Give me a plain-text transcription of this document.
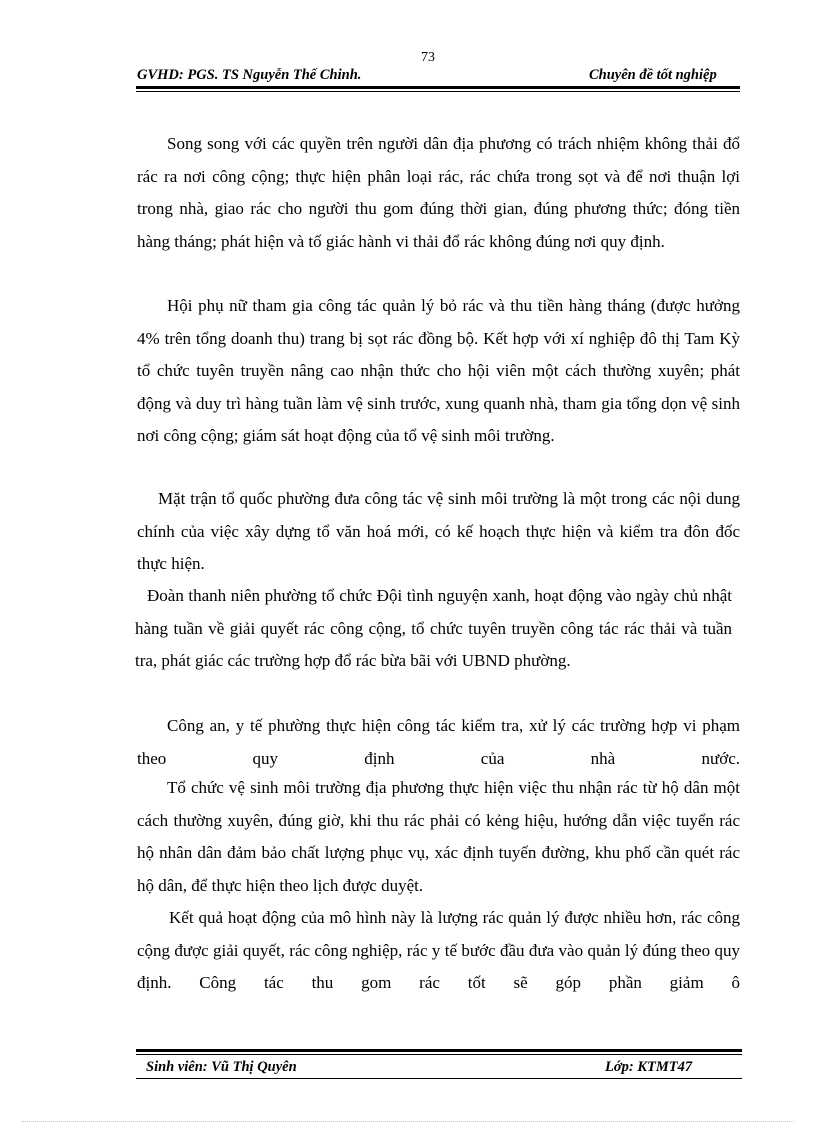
73
GVHD: PGS. TS Nguyễn Thế Chinh.	Chuyên đề tốt nghiệp
Song song với các quyền trên người dân địa phương có trách nhiệm không thải đổ rác ra nơi công cộng; thực hiện phân loại rác, rác chứa trong sọt và để nơi thuận lợi trong nhà, giao rác cho người thu gom đúng thời gian, đúng phương thức; đóng tiền hàng tháng; phát hiện và tố giác hành vi thải đổ rác không đúng nơi quy định.
Hội phụ nữ tham gia công tác quản lý bỏ rác và thu tiền hàng tháng (được hưởng 4% trên tổng doanh thu) trang bị sọt rác đồng bộ. Kết hợp với xí nghiệp đô thị Tam Kỳ tổ chức tuyên truyền nâng cao nhận thức cho hội viên một cách thường xuyên; phát động và duy trì hàng tuần làm vệ sinh trước, xung quanh nhà, tham gia tổng dọn vệ sinh nơi công cộng; giám sát hoạt động của tổ vệ sinh môi trường.
Mặt trận tổ quốc phường đưa công tác vệ sinh môi trường là một trong các nội dung chính của việc xây dựng tổ văn hoá mới, có kế hoạch thực hiện và kiểm tra đôn đốc thực hiện.
Đoàn thanh niên phường tổ chức Đội tình nguyện xanh, hoạt động vào ngày chủ nhật hàng tuần về giải quyết rác công cộng, tổ chức tuyên truyền công tác rác thải và tuần tra, phát giác các trường hợp đổ rác bừa bãi với UBND phường.
Công an, y tế phường thực hiện công tác kiểm tra, xử lý các trường hợp vi phạm theo quy định của nhà nước.
Tổ chức vệ sinh môi trường địa phương thực hiện việc thu nhận rác từ hộ dân một cách thường xuyên, đúng giờ, khi thu rác phải có kẻng hiệu, hướng dẫn việc tuyển rác hộ nhân dân đảm bảo chất lượng phục vụ, xác định tuyến đường, khu phố cần quét rác hộ dân, để thực hiện theo lịch được duyệt.
Kết quả hoạt động của mô hình này là lượng rác quản lý được nhiều hơn, rác công cộng được giải quyết, rác công nghiệp, rác y tế bước đầu đưa vào quản lý đúng theo quy định. Công tác thu gom rác tốt sẽ góp phần giảm ô
Sinh viên: Vũ Thị Quyên	Lớp: KTMT47
